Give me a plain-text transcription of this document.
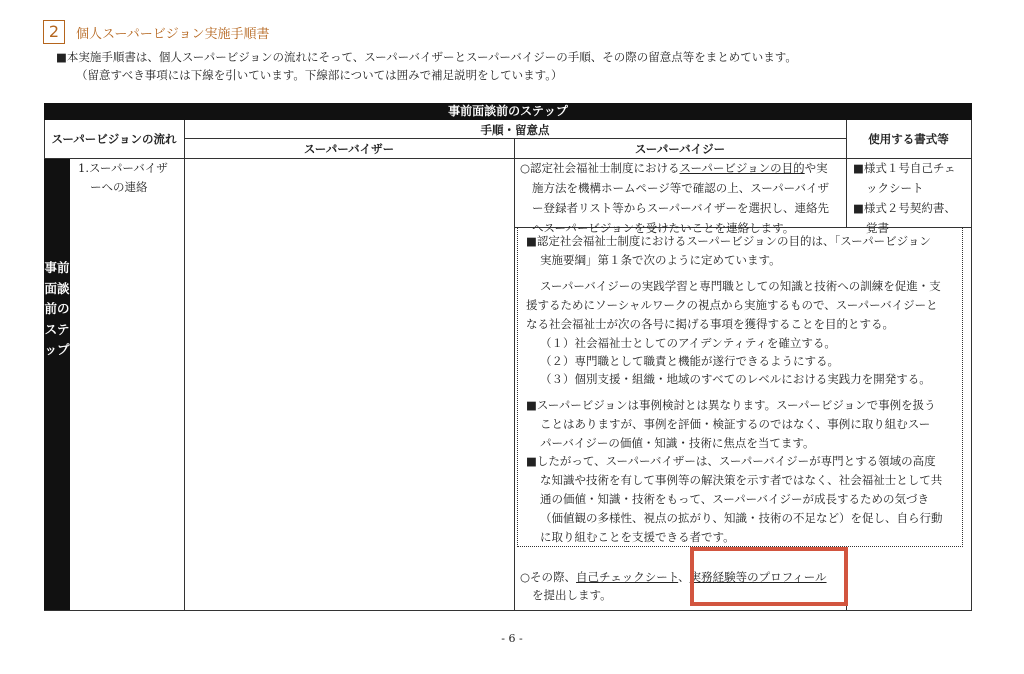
2	個人スーパービジョン実施手順書
■本実施手順書は、個人スーパービジョンの流れにそって、スーパーバイザーとスーパーバイジーの手順、その際の留意点等をまとめています。
（留意すべき事項には下線を引いています。下線部については囲みで補足説明をしています。）
事前面談前のステップ
スーパービジョンの流れ
手順・留意点
スーパーバイザー	スーパーバイジー
使用する書式等
事前面談前のステップ
1.スーパーバイザ
ーへの連絡
○認定社会福祉士制度におけるスーパービジョンの目的や実
施方法を機構ホームページ等で確認の上、スーパーバイザ
ー登録者リスト等からスーパーバイザーを選択し、連絡先
へスーパービジョンを受けたいことを連絡します。
■様式１号自己チェ
ックシート
■様式２号契約書、
覚書
■認定社会福祉士制度におけるスーパービジョンの目的は、「スーパービジョン
実施要綱」第１条で次のように定めています。
スーパーバイジーの実践学習と専門職としての知識と技術への訓練を促進・支
援するためにソーシャルワークの視点から実施するもので、スーパーバイジーと
なる社会福祉士が次の各号に掲げる事項を獲得することを目的とする。
（１）社会福祉士としてのアイデンティティを確立する。
（２）専門職として職責と機能が遂行できるようにする。
（３）個別支援・組織・地域のすべてのレベルにおける実践力を開発する。
■スーパービジョンは事例検討とは異なります。スーパービジョンで事例を扱う
ことはありますが、事例を評価・検証するのではなく、事例に取り組むスー
パーバイジーの価値・知識・技術に焦点を当てます。
■したがって、スーパーバイザーは、スーパーバイジーが専門とする領域の高度
な知識や技術を有して事例等の解決策を示す者ではなく、社会福祉士として共
通の価値・知識・技術をもって、スーパーバイジーが成長するための気づき
（価値観の多様性、視点の拡がり、知識・技術の不足など）を促し、自ら行動
に取り組むことを支援できる者です。
○その際、自己チェックシート、実務経験等のプロフィール
を提出します。
- 6 -
